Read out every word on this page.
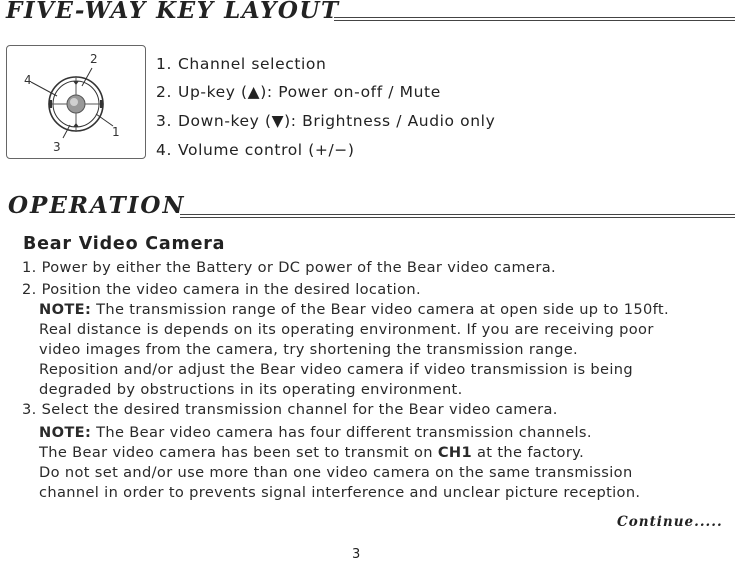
FIVE-WAY KEY LAYOUT
2
4
1
3
1. Channel selection
2. Up-key (▲): Power on-off / Mute
3. Down-key (▼): Brightness / Audio only
4. Volume control (+/−)
OPERATION
Bear Video Camera
1. Power by either the Battery or DC power of the Bear video camera.
2. Position the video camera in the desired location.
NOTE: The transmission range of the Bear video camera at open side up to 150ft.
Real distance is depends on its operating environment. If you are receiving poor
video images from the camera, try shortening the transmission range.
Reposition and/or adjust the Bear video camera if video transmission is being
degraded by obstructions in its operating environment.
3. Select the desired transmission channel for the Bear video camera.
NOTE: The Bear video camera has four different transmission channels.
The Bear video camera has been set to transmit on CH1 at the factory.
Do not set and/or use more than one video camera on the same transmission
channel in order to prevents signal interference and unclear picture reception.
Continue.....
3
